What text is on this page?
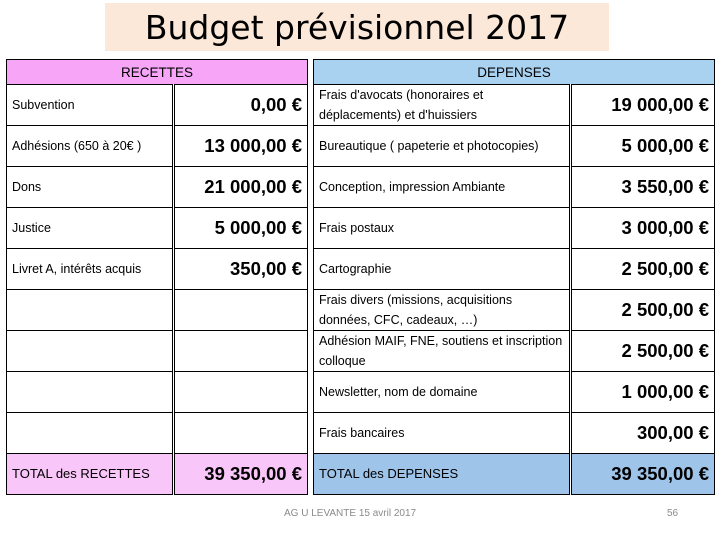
Budget prévisionnel 2017
RECETTES	
Subvention	0,00 €
Adhésions (650 à 20€ )	13 000,00 €
Dons	21 000,00 €
Justice	5 000,00 €
Livret A, intérêts acquis	350,00 €

TOTAL des RECETTES	39 350,00 €
DEPENSES	
Frais d'avocats (honoraires et déplacements) et d'huissiers	19 000,00 €
Bureautique ( papeterie et photocopies)	5 000,00 €
Conception, impression Ambiante	3 550,00 €
Frais postaux	3 000,00 €
Cartographie	2 500,00 €
Frais divers (missions, acquisitions données, CFC, cadeaux, …)	2 500,00 €
Adhésion MAIF, FNE, soutiens et inscription colloque	2 500,00 €
Newsletter, nom de domaine	1 000,00 €
Frais bancaires	300,00 €
TOTAL des DEPENSES	39 350,00 €
AG U LEVANTE 15 avril 2017	56
